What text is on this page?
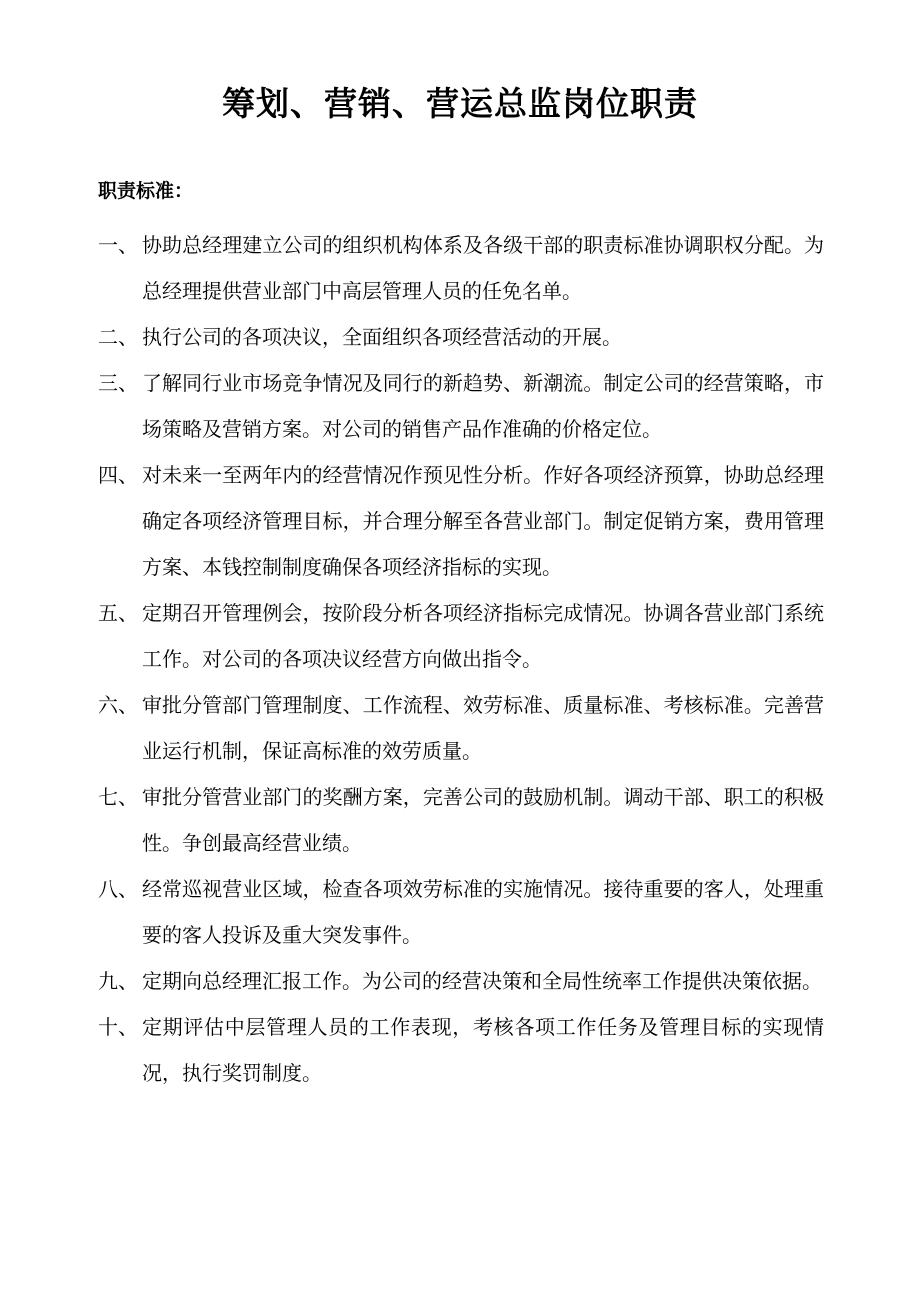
筹划、营销、营运总监岗位职责
职责标准：
一、 协助总经理建立公司的组织机构体系及各级干部的职责标准协调职权分配。为总经理提供营业部门中高层管理人员的任免名单。
二、 执行公司的各项决议，全面组织各项经营活动的开展。
三、 了解同行业市场竞争情况及同行的新趋势、新潮流。制定公司的经营策略，市场策略及营销方案。对公司的销售产品作准确的价格定位。
四、 对未来一至两年内的经营情况作预见性分析。作好各项经济预算，协助总经理确定各项经济管理目标，并合理分解至各营业部门。制定促销方案，费用管理方案、本钱控制制度确保各项经济指标的实现。
五、 定期召开管理例会，按阶段分析各项经济指标完成情况。协调各营业部门系统工作。对公司的各项决议经营方向做出指令。
六、 审批分管部门管理制度、工作流程、效劳标准、质量标准、考核标准。完善营业运行机制，保证高标准的效劳质量。
七、 审批分管营业部门的奖酬方案，完善公司的鼓励机制。调动干部、职工的积极性。争创最高经营业绩。
八、 经常巡视营业区域，检查各项效劳标准的实施情况。接待重要的客人，处理重要的客人投诉及重大突发事件。
九、 定期向总经理汇报工作。为公司的经营决策和全局性统率工作提供决策依据。
十、 定期评估中层管理人员的工作表现，考核各项工作任务及管理目标的实现情况，执行奖罚制度。
